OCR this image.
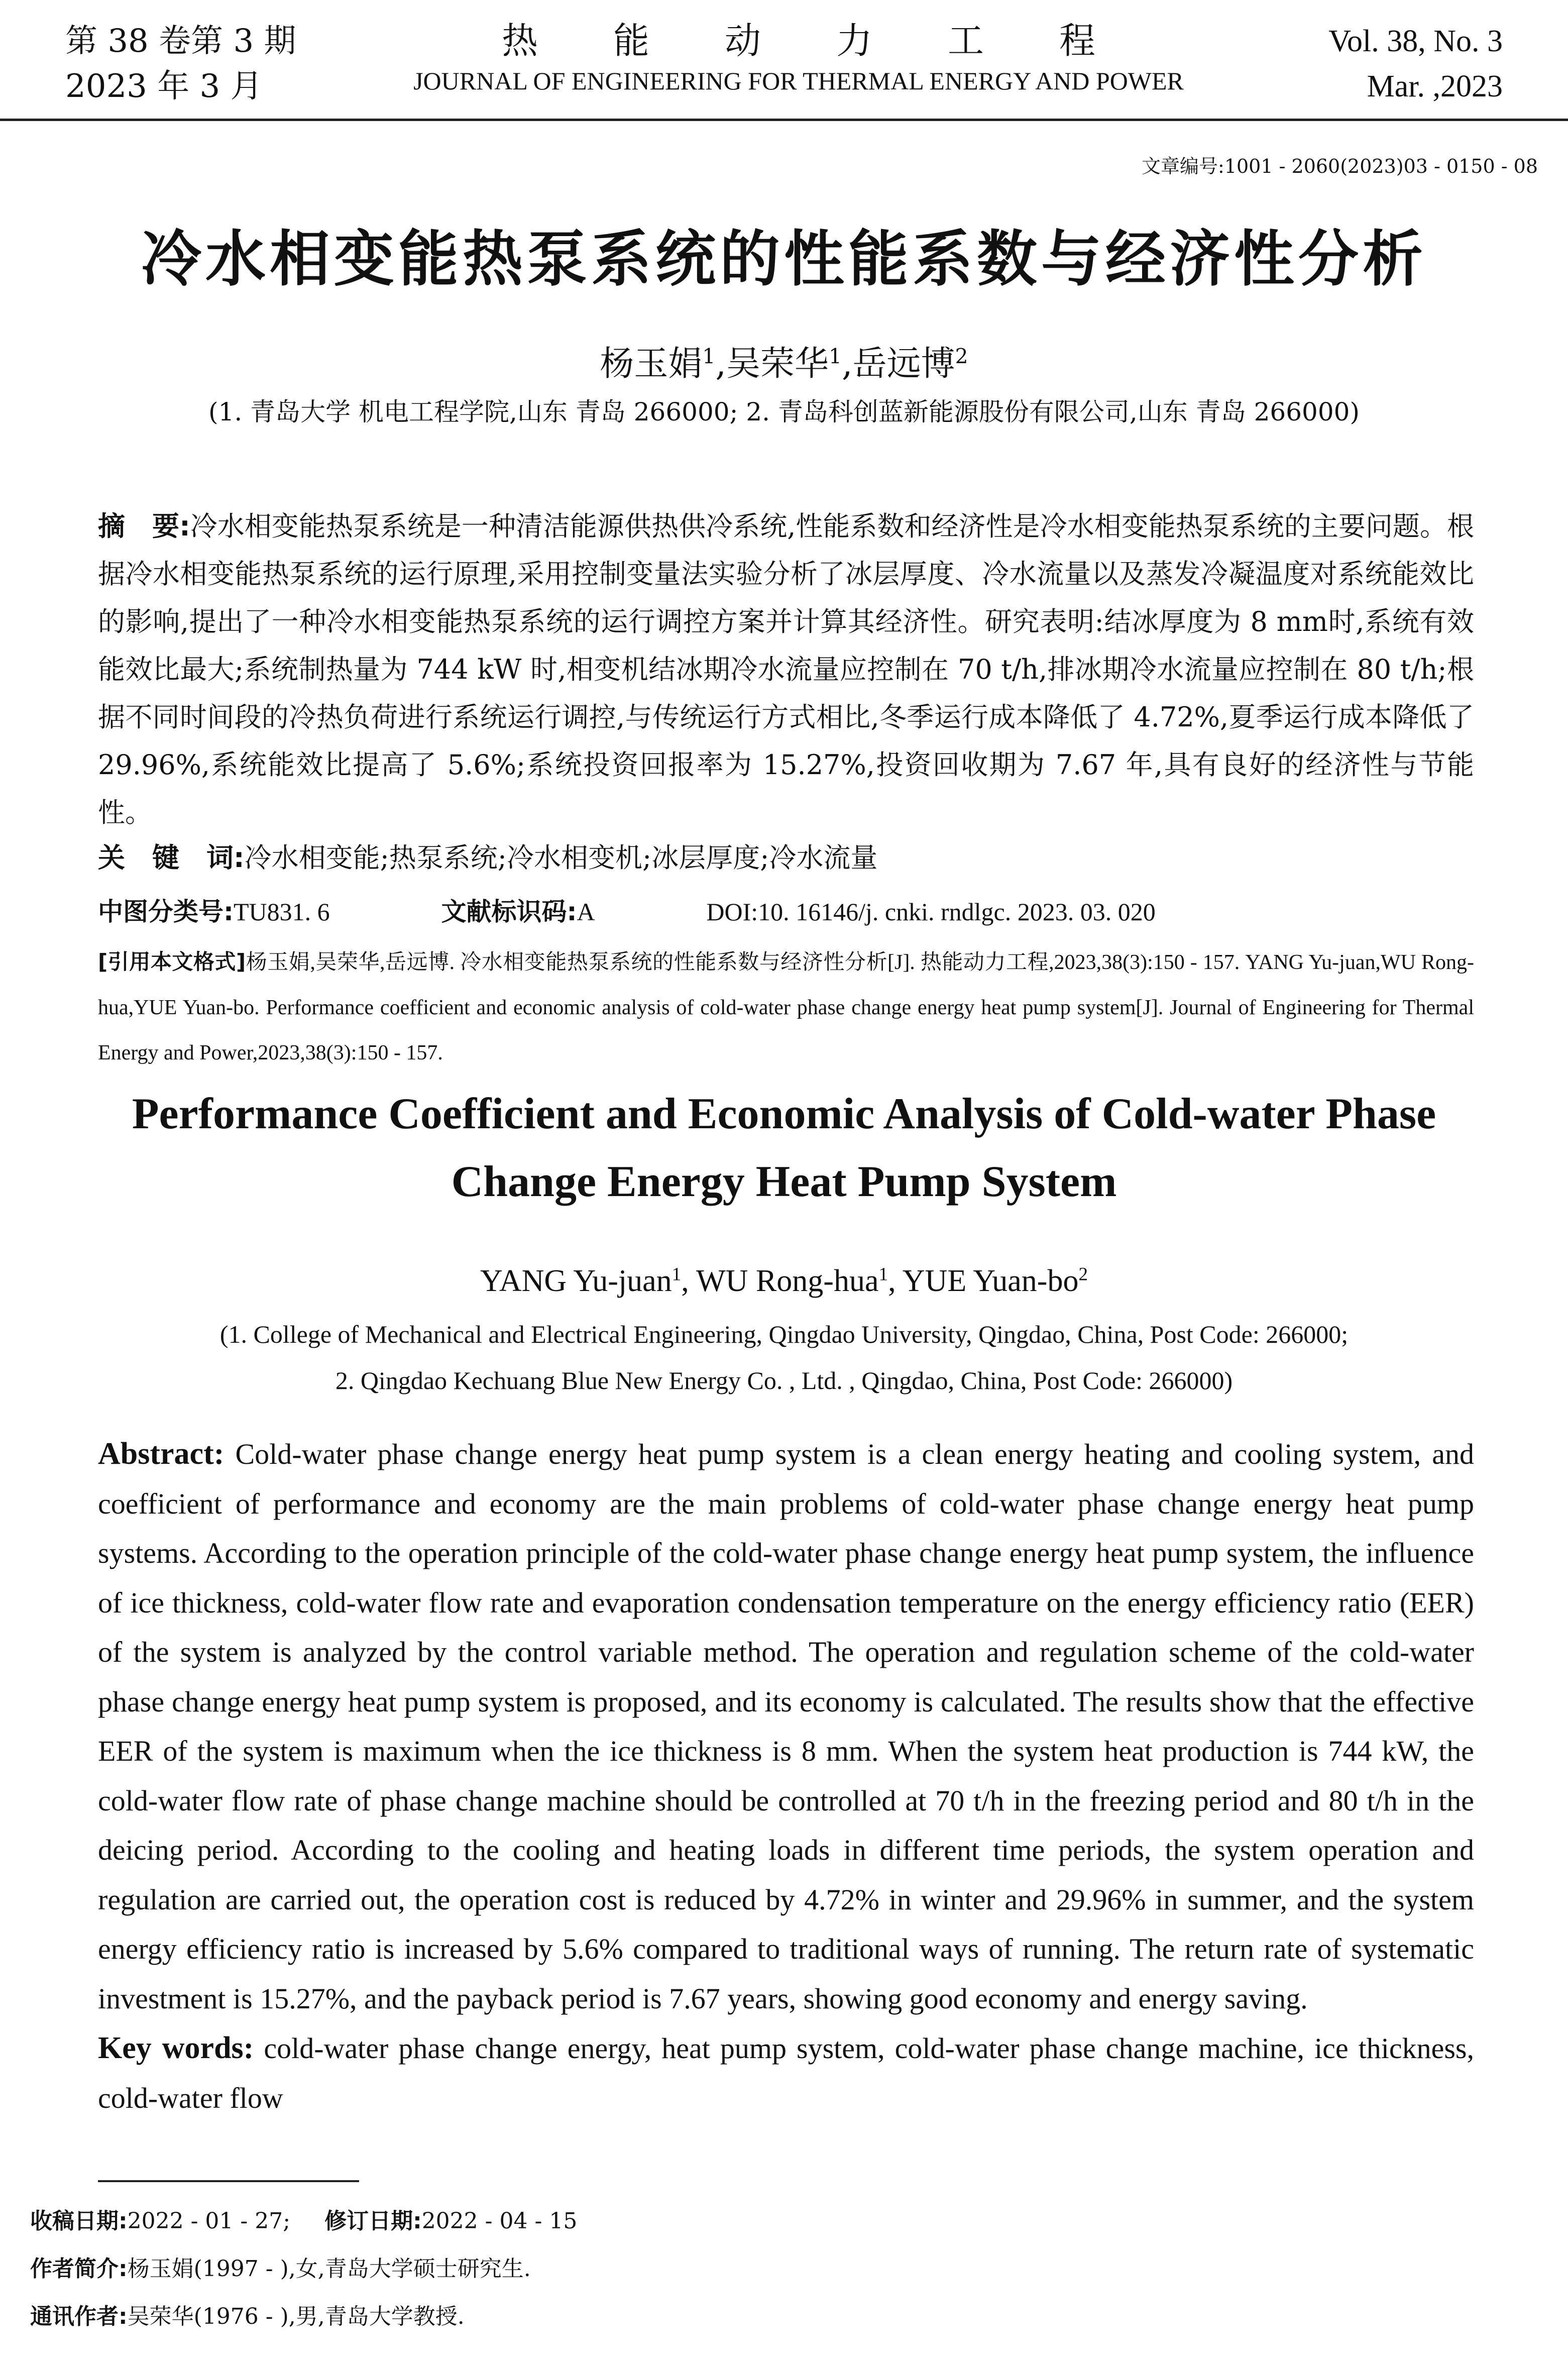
第 38 卷第 3 期
2023 年 3 月
热能动力工程
JOURNAL OF ENGINEERING FOR THERMAL ENERGY AND POWER
Vol. 38, No. 3
Mar. ,2023
文章编号:1001 - 2060(2023)03 - 0150 - 08
冷水相变能热泵系统的性能系数与经济性分析
杨玉娟$^1$,吴荣华$^1$,岳远博$^2$
(1. 青岛大学 机电工程学院,山东 青岛 266000; 2. 青岛科创蓝新能源股份有限公司,山东 青岛 266000)
摘　要:冷水相变能热泵系统是一种清洁能源供热供冷系统,性能系数和经济性是冷水相变能热泵系统的主要问题。根据冷水相变能热泵系统的运行原理,采用控制变量法实验分析了冰层厚度、冷水流量以及蒸发冷凝温度对系统能效比的影响,提出了一种冷水相变能热泵系统的运行调控方案并计算其经济性。研究表明:结冰厚度为 8 mm时,系统有效能效比最大;系统制热量为 744 kW 时,相变机结冰期冷水流量应控制在 70 t/h,排冰期冷水流量应控制在 80 t/h;根据不同时间段的冷热负荷进行系统运行调控,与传统运行方式相比,冬季运行成本降低了 4.72%,夏季运行成本降低了 29.96%,系统能效比提高了 5.6%;系统投资回报率为 15.27%,投资回收期为 7.67 年,具有良好的经济性与节能性。
关　键　词:冷水相变能;热泵系统;冷水相变机;冰层厚度;冷水流量
中图分类号:TU831. 6	文献标识码:A	DOI:10. 16146/j. cnki. rndlgc. 2023. 03. 020
[引用本文格式]杨玉娟,吴荣华,岳远博. 冷水相变能热泵系统的性能系数与经济性分析[J]. 热能动力工程,2023,38(3):150 - 157. YANG Yu-juan,WU Rong-hua,YUE Yuan-bo. Performance coefficient and economic analysis of cold-water phase change energy heat pump system[J]. Journal of Engineering for Thermal Energy and Power,2023,38(3):150 - 157.
Performance Coefficient and Economic Analysis of Cold-water Phase
Change Energy Heat Pump System
YANG Yu-juan$^1$, WU Rong-hua$^1$, YUE Yuan-$bo^2$
(1. College of Mechanical and Electrical Engineering, Qingdao University, Qingdao, China, Post Code: 266000;
2. Qingdao Kechuang Blue New Energy Co. , Ltd. , Qingdao, China, Post Code: 266000)
Abstract: Cold-water phase change energy heat pump system is a clean energy heating and cooling system, and coefficient of performance and economy are the main problems of cold-water phase change energy heat pump systems. According to the operation principle of the cold-water phase change energy heat pump system, the influence of ice thickness, cold-water flow rate and evaporation condensation temperature on the energy efficiency ratio (EER) of the system is analyzed by the control variable method. The operation and regulation scheme of the cold-water phase change energy heat pump system is proposed, and its economy is calculated. The results show that the effective EER of the system is maximum when the ice thickness is 8 mm. When the system heat production is 744 kW, the cold-water flow rate of phase change machine should be controlled at 70 t/h in the freezing period and 80 t/h in the deicing period. According to the cooling and heating loads in different time periods, the system operation and regulation are carried out, the operation cost is reduced by 4.72% in winter and 29.96% in summer, and the system energy efficiency ratio is increased by 5.6% compared to traditional ways of running. The return rate of systematic investment is 15.27%, and the payback period is 7.67 years, showing good economy and energy saving.
Key words: cold-water phase change energy, heat pump system, cold-water phase change machine, ice thickness, cold-water flow
收稿日期:2022 - 01 - 27; 修订日期:2022 - 04 - 15
作者简介:杨玉娟(1997 - ),女,青岛大学硕士研究生.
通讯作者:吴荣华(1976 - ),男,青岛大学教授.
